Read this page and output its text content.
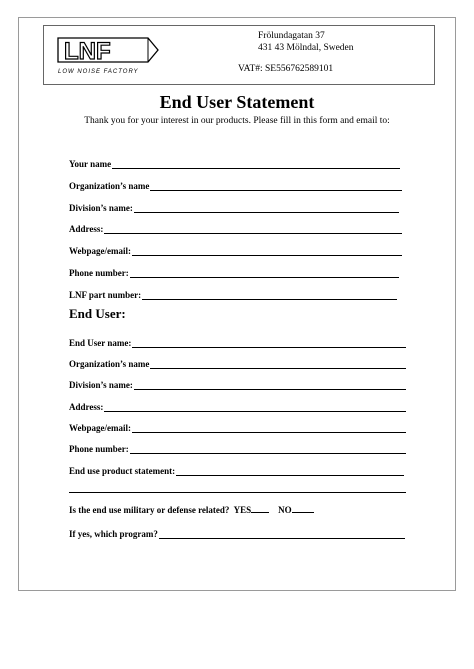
LNF
LOW NOISE FACTORY
Frölundagatan 37
431 43 Mölndal, Sweden
VAT#: SE556762589101
End User Statement
Thank you for your interest in our products. Please fill in this form and email to:
Your name
Organization’s name
Division’s name:
Address:
Webpage/email:
Phone number:
LNF part number:
End User:
End User name:
Organization’s name
Division’s name:
Address:
Webpage/email:
Phone number:
End use product statement:
Is the end use military or defense related? YES	NO
If yes, which program?
